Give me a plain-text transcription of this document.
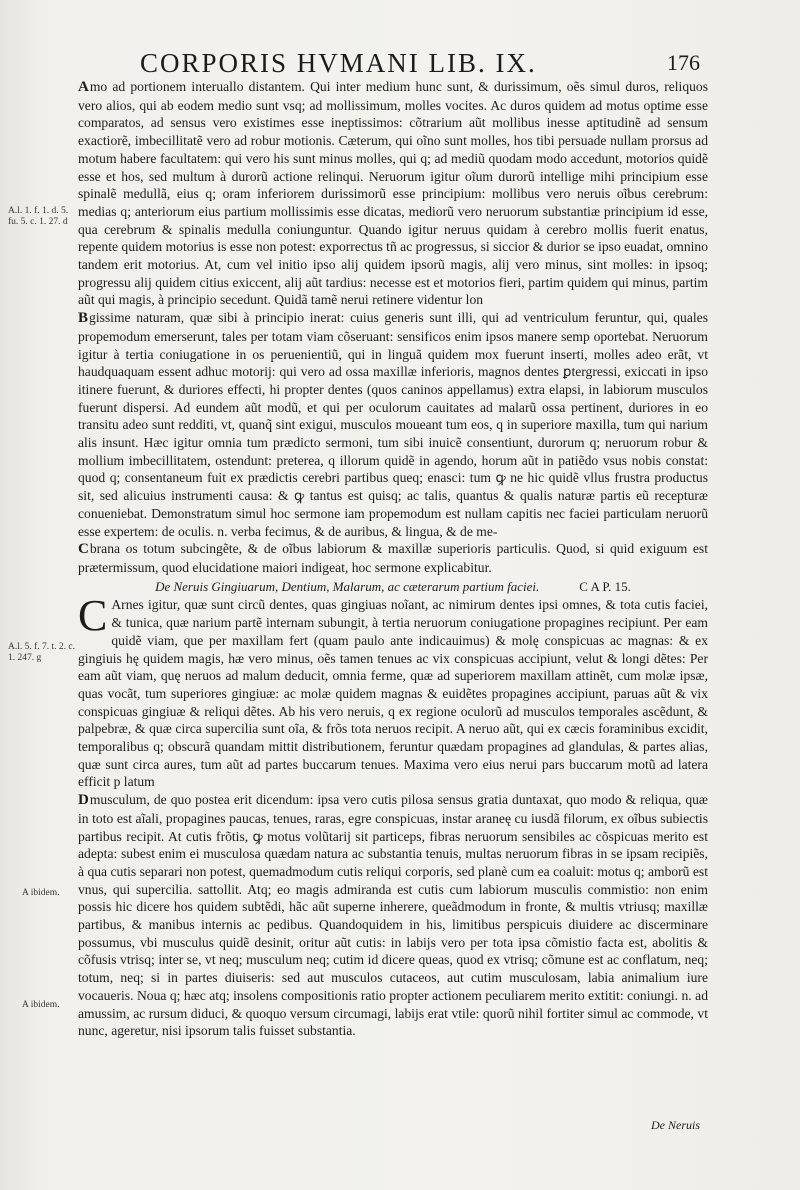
CORPORIS HVMANI LIB. IX.	176
A.l. 1. f. 1. d. 5. fu. 5. c. 1. 27. d
A.l. 5. f. 7. t. 2. c. 1. 247. g
A ibidem.
A ibidem.

Amo ad portionem interuallo distantem. Qui inter medium hunc sunt, & durissimum, oẽs simul duros, reliquos vero alios, qui ab eodem medio sunt vsq; ad mollissimum, molles vocites. Ac duros quidem ad motus optime esse comparatos, ad sensus vero existimes esse ineptissimos: cõtrarium aũt mollibus inesse aptitudinẽ ad sensum exactiorẽ, imbecillitatẽ vero ad robur motionis. Cæterum, qui oĩno sunt molles, hos tibi persuade nullam prorsus ad motum habere facultatem: qui vero his sunt minus molles, qui q; ad mediũ quodam modo accedunt, motorios quidẽ esse et hos, sed multum à durorũ actione relinqui. Neruorum igitur oĩum durorũ intellige mihi principium esse spinalẽ medullã, eius q; oram inferiorem durissimorũ esse principium: mollibus vero neruis oĩbus cerebrum: medias q; anteriorum eius partium mollissimis esse dicatas, mediorũ vero neruorum substantiæ principium id esse, qua cerebrum & spinalis medulla coniunguntur. Quando igitur neruus quidam à cerebro mollis fuerit enatus, repente quidem motorius is esse non potest: exporrectus tñ ac progressus, si siccior & durior se ipso euadat, omnino tandem erit motorius. At, cum vel initio ipso alij quidem ipsorũ magis, alij vero minus, sint molles: in ipsoq; progressu alij quidem citius exiccent, alij aũt tardius: necesse est et motorios fieri, partim quidem qui minus, partim aũt qui magis, à principio secedunt. Quidã tamẽ nerui retinere videntur lon

Bgissime naturam, quæ sibi à principio inerat: cuius generis sunt illi, qui ad ventriculum feruntur, qui, quales propemodum emerserunt, tales per totam viam cõseruant: sensificos enim ipsos manere semp oportebat. Neruorum igitur à tertia coniugatione in os peruenientiũ, qui in linguã quidem mox fuerunt inserti, molles adeo erãt, vt haudquaquam essent adhuc motorij: qui vero ad ossa maxillæ inferioris, magnos dentes ꝑtergressi, exiccati in ipso itinere fuerunt, & duriores effecti, hi propter dentes (quos caninos appellamus) extra elapsi, in labiorum musculos fuerunt dispersi. Ad eundem aũt modũ, et qui per oculorum cauitates ad malarũ ossa pertinent, duriores in eo transitu adeo sunt redditi, vt, quanq̃ sint exigui, musculos moueant tum eos, q in superiore maxilla, tum qui narium alis insunt. Hæc igitur omnia tum prædicto sermoni, tum sibi inuicẽ consentiunt, durorum q; neruorum robur & mollium imbecillitatem, ostendunt: preterea, q illorum quidẽ in agendo, horum aũt in patiẽdo vsus nobis constat: quod q; consentaneum fuit ex prædictis cerebri partibus queq; enasci: tum ꝙ ne hic quidẽ vllus frustra productus sit, sed alicuius instrumenti causa: & ꝙ tantus est quisq; ac talis, quantus & qualis naturæ partis eũ recepturæ conueniebat. Demonstratum simul hoc sermone iam propemodum est nullam capitis nec faciei particulam neruorũ esse expertem: de oculis. n. verba fecimus, & de auribus, & lingua, & de me-

Cbrana os totum subcingẽte, & de oĩbus labiorum & maxillæ superioris particulis. Quod, si quid exiguum est prætermissum, quod elucidatione maiori indigeat, hoc sermone explicabitur.

De Neruis Gingiuarum, Dentium, Malarum, ac cæterarum partium faciei.	C A P. 15.

C Arnes igitur, quæ sunt circũ dentes, quas gingiuas noĩant, ac nimirum dentes ipsi omnes, & tota cutis faciei, & tunica, quæ narium partẽ internam subungit, à tertia neruorum coniugatione propagines recipiunt. Per eam quidẽ viam, que per maxillam fert (quam paulo ante indicauimus) & molę conspicuas ac magnas: & ex gingiuis hę quidem magis, hæ vero minus, oẽs tamen tenues ac vix conspicuas accipiunt, velut & longi dẽtes: Per eam aũt viam, quę neruos ad malum deducit, omnia ferme, quæ ad superiorem maxillam attinẽt, cum molæ ipsæ, quas vocãt, tum superiores gingiuæ: ac molæ quidem magnas & euidẽtes propagines accipiunt, paruas aũt & vix conspicuas gingiuæ & reliqui dẽtes. Ab his vero neruis, q ex regione oculorũ ad musculos temporales ascẽdunt, & palpebræ, & quæ circa supercilia sunt oĩa, & frõs tota neruos recipit. A neruo aũt, qui ex cæcis foraminibus excidit, temporalibus q; obscurã quandam mittit distributionem, feruntur quædam propagines ad glandulas, & partes alias, quæ sunt circa aures, tum aũt ad partes buccarum tenues. Maxima vero eius nerui pars buccarum motũ ad latera efficit p latum

Dmusculum, de quo postea erit dicendum: ipsa vero cutis pilosa sensus gratia duntaxat, quo modo & reliqua, quæ in toto est aĩali, propagines paucas, tenues, raras, egre conspicuas, instar araneę cu iusdã filorum, ex oĩbus subiectis partibus recipit. At cutis frõtis, ꝙ motus volũtarij sit particeps, fibras neruorum sensibiles ac cõspicuas merito est adepta: subest enim ei musculosa quædam natura ac substantia tenuis, multas neruorum fibras in se ipsam recipiẽs, à qua cutis separari non potest, quemadmodum cutis reliqui corporis, sed planè cum ea coaluit: motus q; amborũ est vnus, qui supercilia. sattollit. Atq; eo magis admiranda est cutis cum labiorum musculis commistio: non enim possis hic dicere hos quidem subtẽdi, hãc aũt superne inherere, queãdmodum in fronte, & multis vtriusq; maxillæ partibus, & manibus internis ac pedibus. Quandoquidem in his, limitibus perspicuis diuidere ac discerminare possumus, vbi musculus quidẽ desinit, oritur aũt cutis: in labijs vero per tota ipsa cõmistio facta est, abolitis & cõfusis vtrisq; inter se, vt neq; musculum neq; cutim id dicere queas, quod ex vtrisq; cõmune est ac conflatum, neq; totum, neq; si in partes diuiseris: sed aut musculos cutaceos, aut cutim musculosam, labia animalium iure vocaueris. Noua q; hæc atq; insolens compositionis ratio propter actionem peculiarem merito extitit: coniungi. n. ad amussim, ac rursum diduci, & quoquo versum circumagi, labijs erat vtile: quorũ nihil fortiter simul ac commode, vt nunc, ageretur, nisi ipsorum talis fuisset substantia.

De Neruis
